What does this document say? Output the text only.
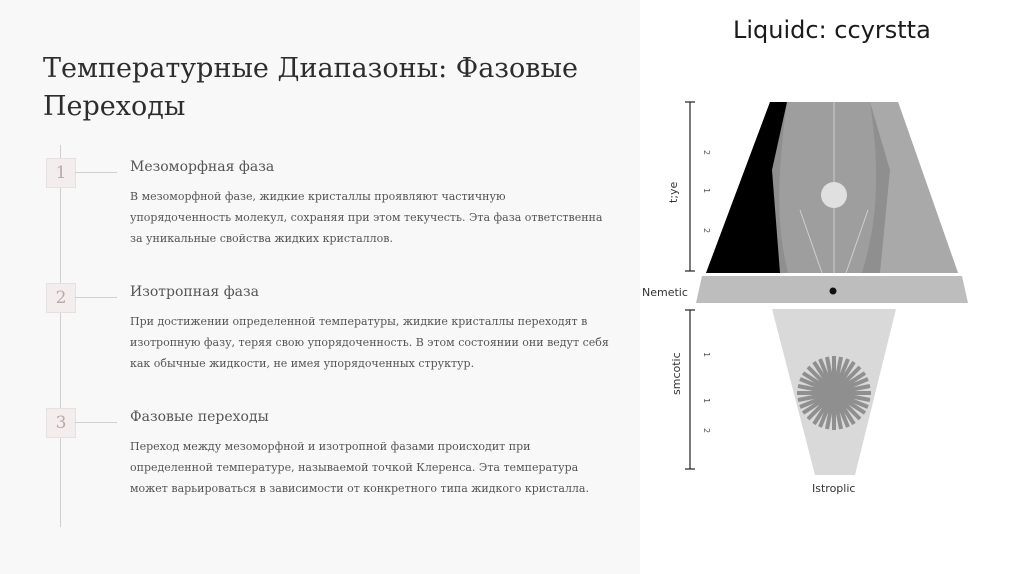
Температурные Диапазоны: Фазовые Переходы
1	Мезоморфная фаза
В мезоморфной фазе, жидкие кристаллы проявляют частичную упорядоченность молекул, сохраняя при этом текучесть. Эта фаза ответственна за уникальные свойства жидких кристаллов.
2	Изотропная фаза
При достижении определенной температуры, жидкие кристаллы переходят в изотропную фазу, теряя свою упорядоченность. В этом состоянии они ведут себя как обычные жидкости, не имея упорядоченных структур.
3	Фазовые переходы
Переход между мезоморфной и изотропной фазами происходит при определенной температуре, называемой точкой Клеренса. Эта температура может варьироваться в зависимости от конкретного типа жидкого кристалла.
Liquidc: ccyrstta
2
1
2
t;ye
Nemetic
1
1
2
smcotic
Istroplic
